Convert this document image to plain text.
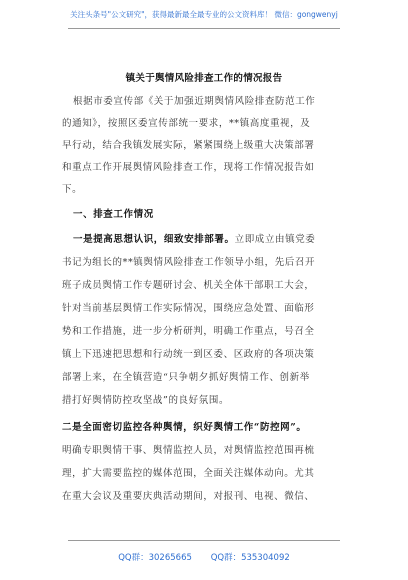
关注头条号"公文研究"，获得最新最全最专业的公文资料库！ 微信：gongwenyj
镇关于舆情风险排查工作的情况报告
根据市委宣传部《关于加强近期舆情风险排查防范工作
的通知》，按照区委宣传部统一要求，**镇高度重视，及
早行动，结合我镇发展实际，紧紧围绕上级重大决策部署
和重点工作开展舆情风险排查工作，现将工作情况报告如
下。
一、排查工作情况
一是提高思想认识，细致安排部署。立即成立由镇党委
书记为组长的**镇舆情风险排查工作领导小组，先后召开
班子成员舆情工作专题研讨会、机关全体干部职工大会，
针对当前基层舆情工作实际情况，围绕应急处置、面临形
势和工作措施，进一步分析研判，明确工作重点，号召全
镇上下迅速把思想和行动统一到区委、区政府的各项决策
部署上来，在全镇营造“只争朝夕抓好舆情工作、创新举
措打好舆情防控攻坚战”的良好氛围。
二是全面密切监控各种舆情，织好舆情工作“防控网”。
明确专职舆情干事、舆情监控人员，对舆情监控范围再梳
理，扩大需要监控的媒体范围，全面关注媒体动向。尤其
在重大会议及重要庆典活动期间，对报刊、电视、微信、
QQ群：30265665 QQ群：535304092
